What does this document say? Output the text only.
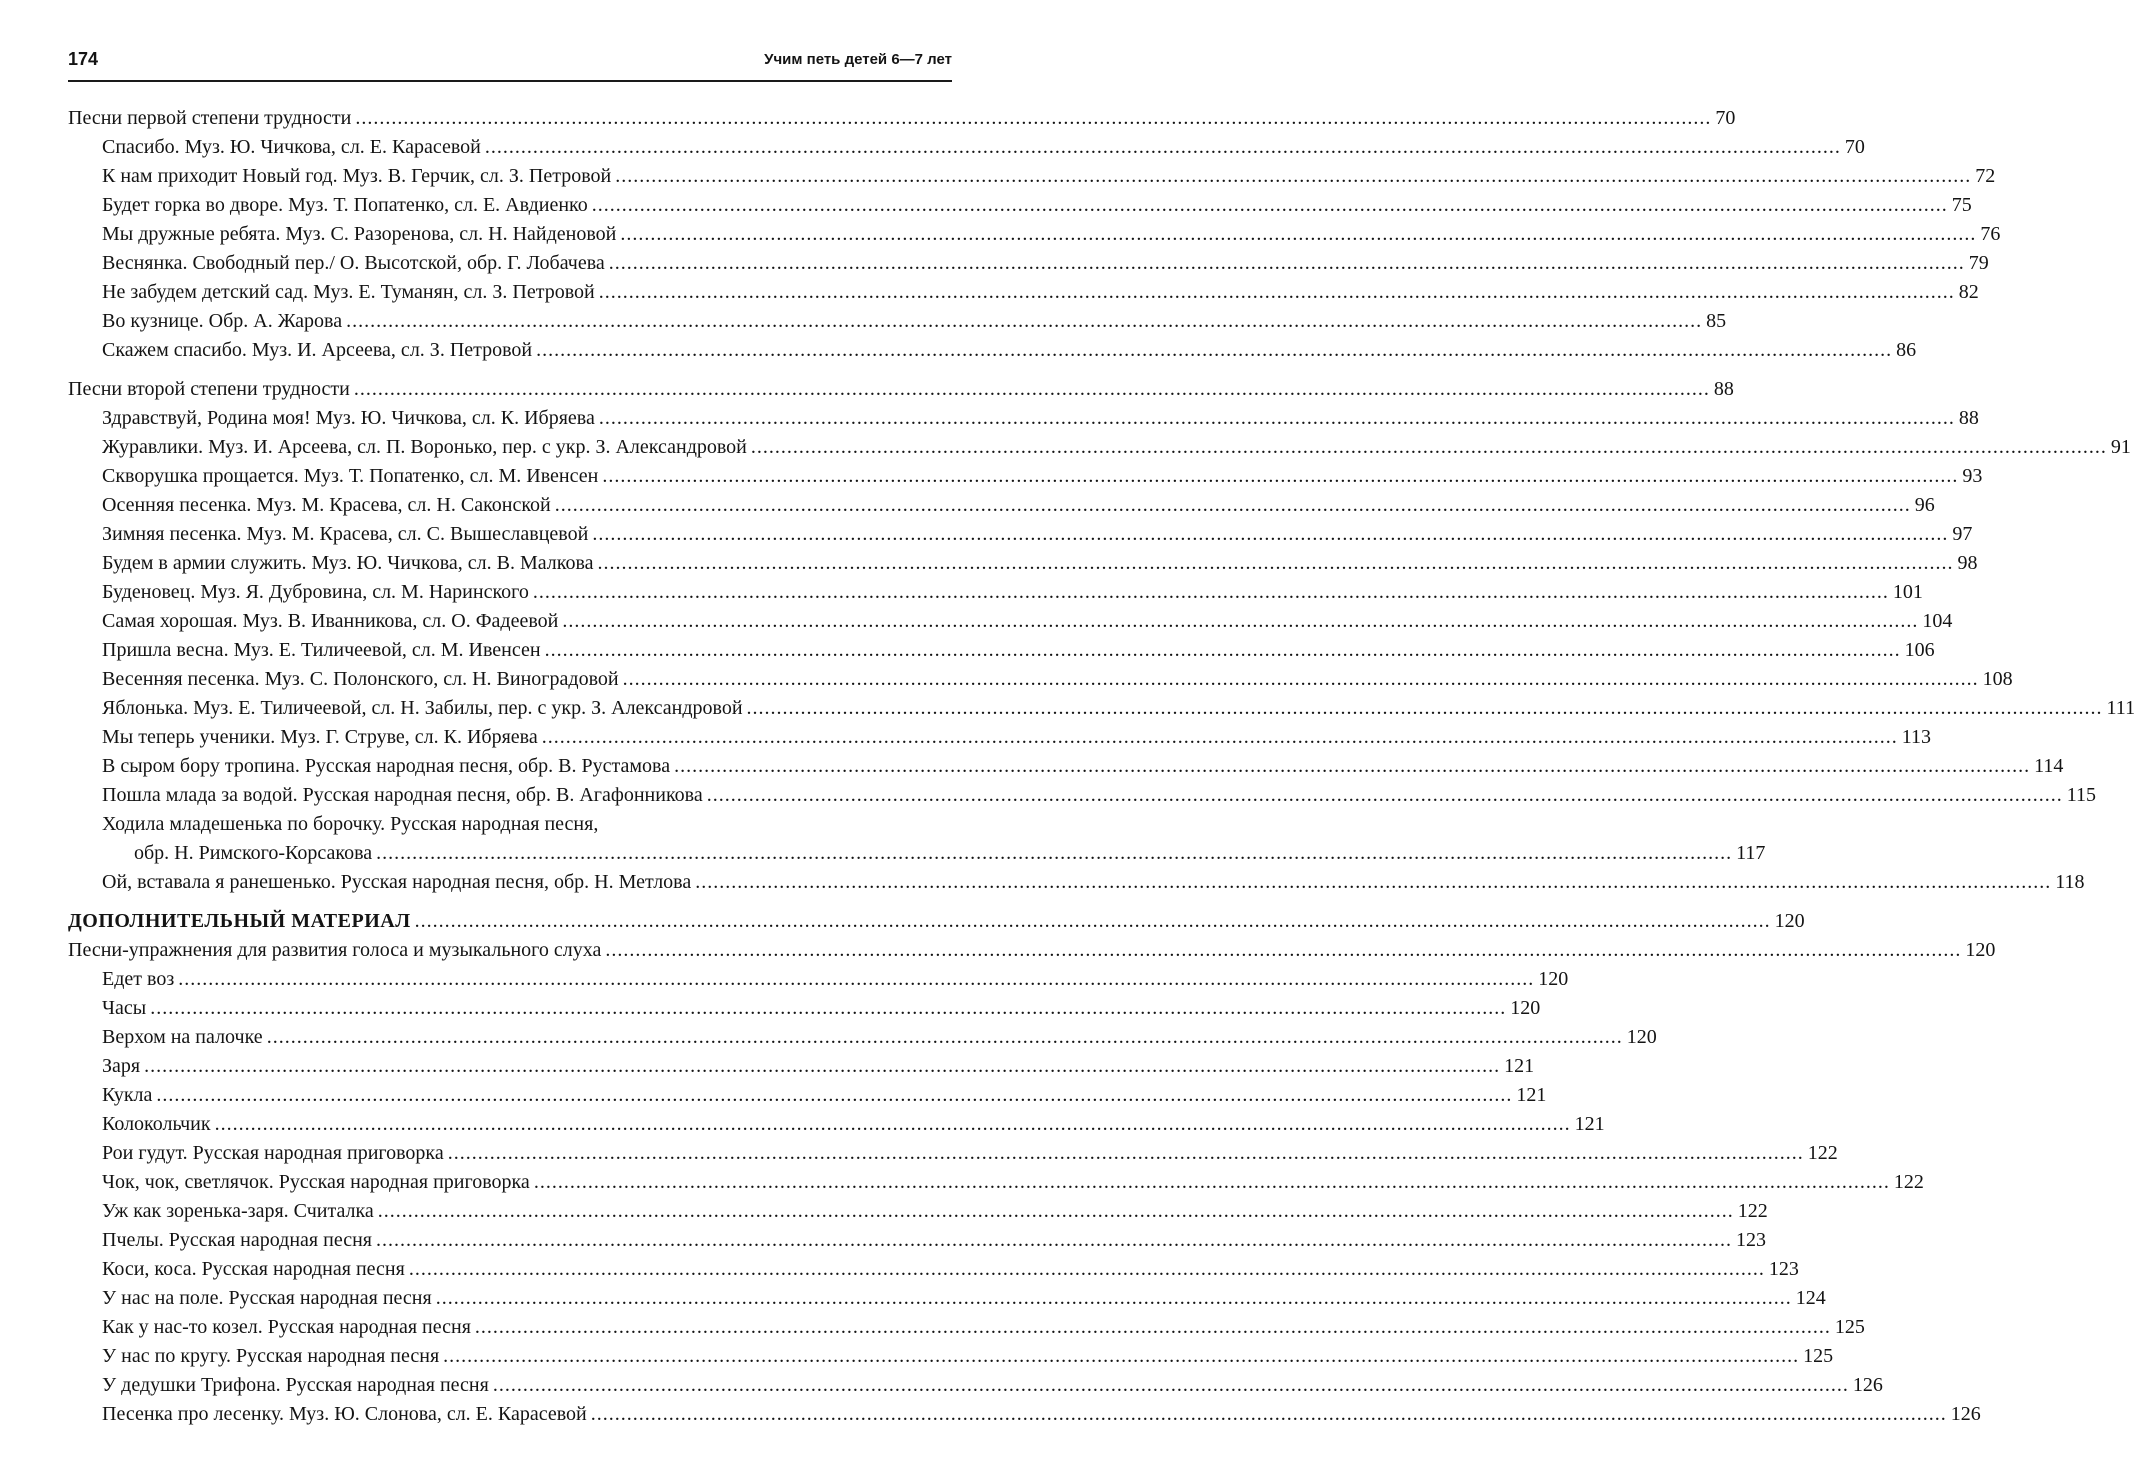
174	Учим петь детей 6—7 лет
Песни первой степени трудности .....	70
Спасибо. Муз. Ю. Чичкова, сл. Е. Карасевой .....	70
К нам приходит Новый год. Муз. В. Герчик, сл. З. Петровой .....	72
Будет горка во дворе. Муз. Т. Попатенко, сл. Е. Авдиенко .....	75
Мы дружные ребята. Муз. С. Разоренова, сл. Н. Найденовой .....	76
Веснянка. Свободный пер./ О. Высотской, обр. Г. Лобачева .....	79
Не забудем детский сад. Муз. Е. Туманян, сл. З. Петровой .....	82
Во кузнице. Обр. А. Жарова .....	85
Скажем спасибо. Муз. И. Арсеева, сл. З. Петровой .....	86
Песни второй степени трудности .....	88
Здравствуй, Родина моя! Муз. Ю. Чичкова, сл. К. Ибряева .....	88
Журавлики. Муз. И. Арсеева, сл. П. Воронько, пер. с укр. З. Александровой .....	91
Скворушка прощается. Муз. Т. Попатенко, сл. М. Ивенсен .....	93
Осенняя песенка. Муз. М. Красева, сл. Н. Саконской .....	96
Зимняя песенка. Муз. М. Красева, сл. С. Вышеславцевой .....	97
Будем в армии служить. Муз. Ю. Чичкова, сл. В. Малкова .....	98
Буденовец. Муз. Я. Дубровина, сл. М. Наринского .....	101
Самая хорошая. Муз. В. Иванникова, сл. О. Фадеевой .....	104
Пришла весна. Муз. Е. Тиличеевой, сл. М. Ивенсен .....	106
Весенняя песенка. Муз. С. Полонского, сл. Н. Виноградовой .....	108
Яблонька. Муз. Е. Тиличеевой, сл. Н. Забилы, пер. с укр. З. Александровой .....	111
Мы теперь ученики. Муз. Г. Струве, сл. К. Ибряева .....	113
В сыром бору тропина. Русская народная песня, обр. В. Рустамова .....	114
Пошла млада за водой. Русская народная песня, обр. В. Агафонникова .....	115
Ходила младешенька по борочку. Русская народная песня,
обр. Н. Римского-Корсакова .....	117
Ой, вставала я ранешенько. Русская народная песня, обр. Н. Метлова .....	118
ДОПОЛНИТЕЛЬНЫЙ МАТЕРИАЛ .....	120
Песни-упражнения для развития голоса и музыкального слуха .....	120
Едет воз .....	120
Часы .....	120
Верхом на палочке .....	120
Заря .....	121
Кукла .....	121
Колокольчик .....	121
Рои гудут. Русская народная приговорка .....	122
Чок, чок, светлячок. Русская народная приговорка .....	122
Уж как зоренька-заря. Считалка .....	122
Пчелы. Русская народная песня .....	123
Коси, коса. Русская народная песня .....	123
У нас на поле. Русская народная песня .....	124
Как у нас-то козел. Русская народная песня .....	125
У нас по кругу. Русская народная песня .....	125
У дедушки Трифона. Русская народная песня .....	126
Песенка про лесенку. Муз. Ю. Слонова, сл. Е. Карасевой .....	126
